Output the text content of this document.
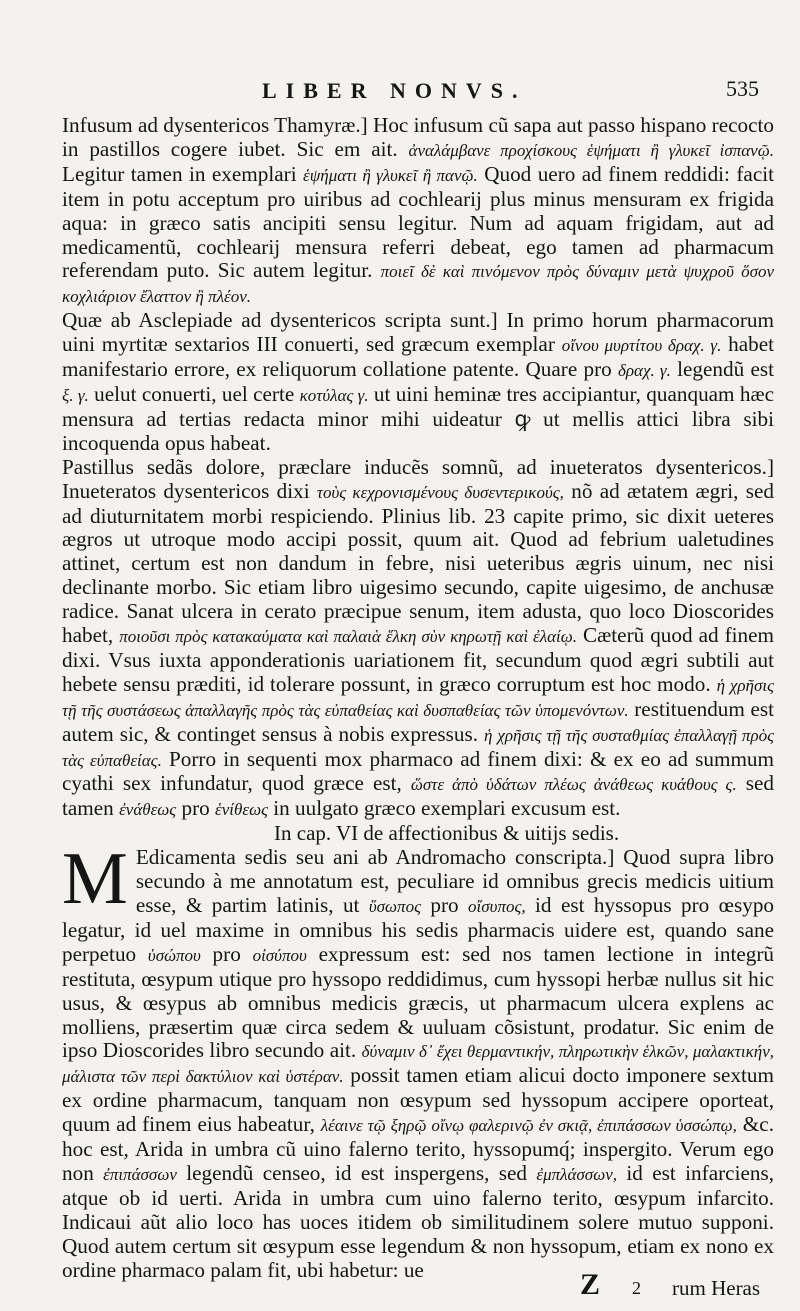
LIBER NONVS.	535

Infusum ad dysentericos Thamyræ.] Hoc infusum cũ sapa aut passo hispano recocto in pastillos cogere iubet. Sic em ait. ἀναλάμβανε προχίσκους ἑψήματι ἢ γλυκεῖ ἰσπανῷ. Legitur tamen in exemplari ἑψήματι ἢ γλυκεῖ ἢ πανῷ. Quod uero ad finem reddidi: facit item in potu acceptum pro uiribus ad cochlearij plus minus mensuram ex frigida aqua: in græco satis ancipiti sensu legitur. Num ad aquam frigidam, aut ad medicamentũ, cochlearij mensura referri debeat, ego tamen ad pharmacum referendam puto. Sic autem legitur. ποιεῖ δὲ καὶ πινόμενον πρὸς δύναμιν μετὰ ψυχροῦ ὅσον κοχλιάριον ἔλαττον ἢ πλέον.

Quæ ab Asclepiade ad dysentericos scripta sunt.] In primo horum pharmacorum uini myrtitæ sextarios III conuerti, sed græcum exemplar οἴνου μυρτίτου δραχ. γ. habet manifestario errore, ex reliquorum collatione patente. Quare pro δραχ. γ. legendũ est ξ. γ. uelut conuerti, uel certe κοτύλας γ. ut uini heminæ tres accipiantur, quanquam hæc mensura ad tertias redacta minor mihi uideatur ꝙ ut mellis attici libra sibi incoquenda opus habeat.

Pastillus sedãs dolore, præclare inducẽs somnũ, ad inueteratos dysentericos.] Inueteratos dysentericos dixi τοὺς κεχρονισμένους δυσεντερικούς, nõ ad ætatem ægri, sed ad diuturnitatem morbi respiciendo. Plinius lib. 23 capite primo, sic dixit ueteres ægros ut utroque modo accipi possit, quum ait. Quod ad febrium ualetudines attinet, certum est non dandum in febre, nisi ueteribus ægris uinum, nec nisi declinante morbo. Sic etiam libro uigesimo secundo, capite uigesimo, de anchusæ radice. Sanat ulcera in cerato præcipue senum, item adusta, quo loco Dioscorides habet, ποιοῦσι πρὸς κατακαύματα καὶ παλαιὰ ἕλκη σὺν κηρωτῇ καὶ ἐλαίῳ. Cæterũ quod ad finem dixi. Vsus iuxta apponderationis uariationem fit, secundum quod ægri subtili aut hebete sensu præditi, id tolerare possunt, in græco corruptum est hoc modo. ἡ χρῆσις τῇ τῆς συστάσεως ἀπαλλαγῆς πρὸς τὰς εὐπαθείας καὶ δυσπαθείας τῶν ὑπομενόντων. restituendum est autem sic, & continget sensus à nobis expressus. ἡ χρῆσις τῇ τῆς συσταθμίας ἐπαλλαγῇ πρὸς τὰς εὐπαθείας. Porro in sequenti mox pharmaco ad finem dixi: & ex eo ad summum cyathi sex infundatur, quod græce est, ὥστε ἀπὸ ὑδάτων πλέως ἀνάθεως κυάθους ς. sed tamen ἐνάθεως pro ἑνίθεως in uulgato græco exemplari excusum est.

In cap. VI de affectionibus & uitijs sedis.

M Edicamenta sedis seu ani ab Andromacho conscripta.] Quod supra libro secundo à me annotatum est, peculiare id omnibus grecis medicis uitium esse, & partim latinis, ut ὕσωπος pro οἴσυπος, id est hyssopus pro œsypo legatur, id uel maxime in omnibus his sedis pharmacis uidere est, quando sane perpetuo ὑσώπου pro οἰσύπου expressum est: sed nos tamen lectione in integrũ restituta, œsypum utique pro hyssopo reddidimus, cum hyssopi herbæ nullus sit hic usus, & œsypus ab omnibus medicis græcis, ut pharmacum ulcera explens ac molliens, præsertim quæ circa sedem & uuluam cõsistunt, prodatur. Sic enim de ipso Dioscorides libro secundo ait. δύναμιν δ᾽ ἔχει θερμαντικήν, πληρωτικὴν ἑλκῶν, μαλακτικήν, μάλιστα τῶν περὶ δακτύλιον καὶ ὑστέραν. possit tamen etiam alicui docto imponere sextum ex ordine pharmacum, tanquam non œsypum sed hyssopum accipere oporteat, quum ad finem eius habeatur, λέαινε τῷ ξηρῷ οἴνῳ φαλερινῷ ἐν σκιᾷ, ἐπιπάσσων ὑσσώπῳ, &c. hoc est, Arida in umbra cũ uino falerno terito, hyssopumq́; inspergito. Verum ego non ἐπιπάσσων legendũ censeo, id est inspergens, sed ἐμπλάσσων, id est infarciens, atque ob id uerti. Arida in umbra cum uino falerno terito, œsypum infarcito. Indicaui aũt alio loco has uoces itidem ob similitudinem solere mutuo supponi. Quod autem certum sit œsypum esse legendum & non hyssopum, etiam ex nono ex ordine pharmaco palam fit, ubi habetur: ue	Z 2 rum Heras
